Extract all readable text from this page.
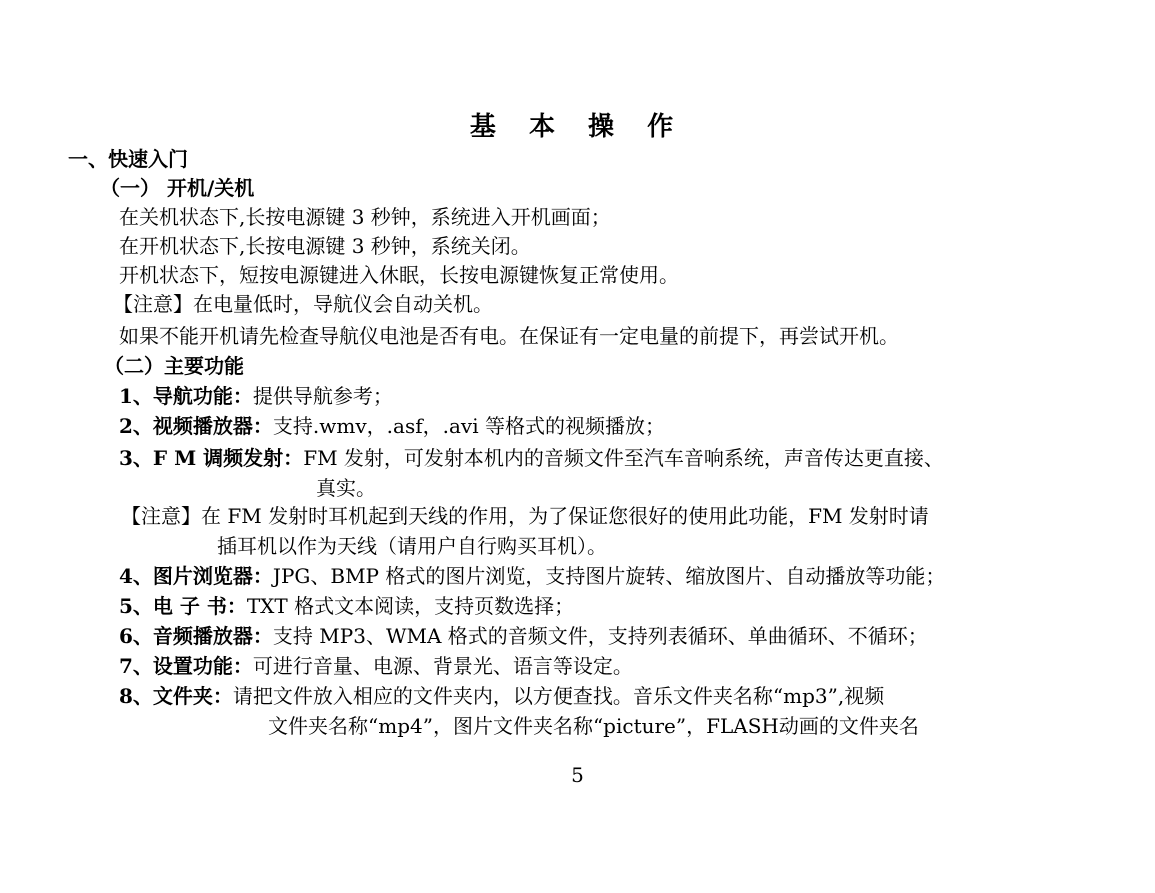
基 本 操 作
一、快速入门
（一） 开机/关机
在关机状态下,长按电源键 3 秒钟，系统进入开机画面；
在开机状态下,长按电源键 3 秒钟，系统关闭。
开机状态下，短按电源键进入休眠，长按电源键恢复正常使用。
【注意】在电量低时，导航仪会自动关机。
如果不能开机请先检查导航仪电池是否有电。在保证有一定电量的前提下，再尝试开机。
（二）主要功能
1、导航功能：提供导航参考；
2、视频播放器：支持.wmv，.asf，.avi 等格式的视频播放；
3、F M 调频发射：FM 发射，可发射本机内的音频文件至汽车音响系统，声音传达更直接、
真实。
【注意】在 FM 发射时耳机起到天线的作用，为了保证您很好的使用此功能，FM 发射时请
插耳机以作为天线（请用户自行购买耳机）。
4、图片浏览器：JPG、BMP 格式的图片浏览，支持图片旋转、缩放图片、自动播放等功能；
5、电 子 书：TXT 格式文本阅读，支持页数选择；
6、音频播放器：支持 MP3、WMA 格式的音频文件，支持列表循环、单曲循环、不循环；
7、设置功能：可进行音量、电源、背景光、语言等设定。
8、文件夹：请把文件放入相应的文件夹内，以方便查找。音乐文件夹名称“mp3”,视频
文件夹名称“mp4”，图片文件夹名称“picture”，FLASH动画的文件夹名
5
